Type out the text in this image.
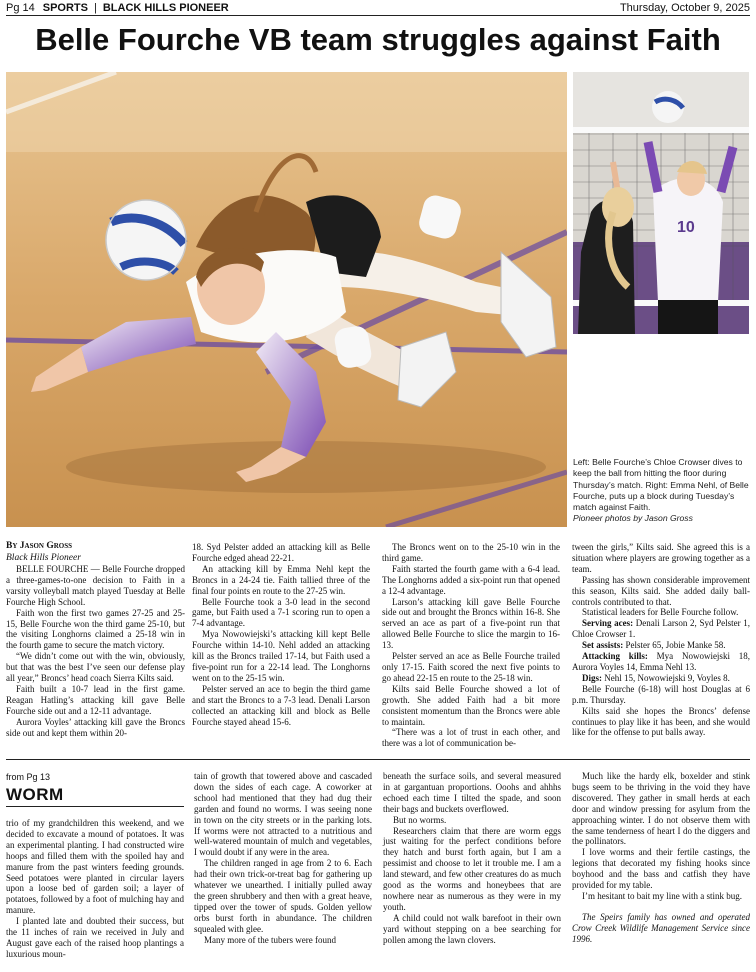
Pg 14 SPORTS | BLACK HILLS PIONEER	Thursday, October 9, 2025
Belle Fourche VB team struggles against Faith
10
Left: Belle Fourche’s Chloe Crowser dives to keep the ball from hitting the floor during Thursday’s match. Right: Emma Nehl, of Belle Fourche, puts up a block during Tuesday’s match against Faith.
Pioneer photos by Jason Gross
By Jason Gross
Black Hills Pioneer

BELLE FOURCHE — Belle Fourche dropped a three-games-to-one decision to Faith in a varsity volleyball match played Tuesday at Belle Fourche High School.

Faith won the first two games 27-25 and 25-15, Belle Fourche won the third game 25-10, but the visiting Longhorns claimed a 25-18 win in the fourth game to secure the match victory.

“We didn’t come out with the win, obviously, but that was the best I’ve seen our defense play all year,” Broncs’ head coach Sierra Kilts said.

Faith built a 10-7 lead in the first game. Reagan Hatling’s attacking kill gave Belle Fourche side out and a 12-11 advantage.

Aurora Voyles’ attacking kill gave the Broncs side out and kept them within 20-

18. Syd Pelster added an attacking kill as Belle Fourche edged ahead 22-21.

An attacking kill by Emma Nehl kept the Broncs in a 24-24 tie. Faith tallied three of the final four points en route to the 27-25 win.

Belle Fourche took a 3-0 lead in the second game, but Faith used a 7-1 scoring run to open a 7-4 advantage.

Mya Nowowiejski’s attacking kill kept Belle Fourche within 14-10. Nehl added an attacking kill as the Broncs trailed 17-14, but Faith used a five-point run for a 22-14 lead. The Longhorns went on to the 25-15 win.

Pelster served an ace to begin the third game and start the Broncs to a 7-3 lead. Denali Larson collected an attacking kill and block as Belle Fourche stayed ahead 15-6.

The Broncs went on to the 25-10 win in the third game.

Faith started the fourth game with a 6-4 lead. The Longhorns added a six-point run that opened a 12-4 advantage.

Larson’s attacking kill gave Belle Fourche side out and brought the Broncs within 16-8. She served an ace as part of a five-point run that allowed Belle Fourche to slice the margin to 16-13.

Pelster served an ace as Belle Fourche trailed only 17-15. Faith scored the next five points to go ahead 22-15 en route to the 25-18 win.

Kilts said Belle Fourche showed a lot of growth. She added Faith had a bit more consistent momentum than the Broncs were able to maintain.

“There was a lot of trust in each other, and there was a lot of communication be-

tween the girls,” Kilts said. She agreed this is a situation where players are growing together as a team.

Passing has shown considerable improvement this season, Kilts said. She added daily ball-controls contributed to that.

Statistical leaders for Belle Fourche follow.

Serving aces: Denali Larson 2, Syd Pelster 1, Chloe Crowser 1.

Set assists: Pelster 65, Jobie Manke 58.

Attacking kills: Mya Nowowiejski 18, Aurora Voyles 14, Emma Nehl 13.

Digs: Nehl 15, Nowowiejski 9, Voyles 8.

Belle Fourche (6-18) will host Douglas at 6 p.m. Thursday.

Kilts said she hopes the Broncs’ defense continues to play like it has been, and she would like for the offense to put balls away.

from Pg 13
WORM

trio of my grandchildren this weekend, and we decided to excavate a mound of potatoes. It was an experimental planting. I had constructed wire hoops and filled them with the spoiled hay and manure from the past winters feeding grounds. Seed potatoes were planted in circular layers upon a loose bed of garden soil; a layer of potatoes, followed by a foot of mulching hay and manure.

I planted late and doubted their success, but the 11 inches of rain we received in July and August gave each of the raised hoop plantings a luxurious moun-

tain of growth that towered above and cascaded down the sides of each cage. A coworker at school had mentioned that they had dug their garden and found no worms. I was seeing none in town on the city streets or in the parking lots. If worms were not attracted to a nutritious and well-watered mountain of mulch and vegetables, I would doubt if any were in the area.

The children ranged in age from 2 to 6. Each had their own trick-or-treat bag for gathering up whatever we unearthed. I initially pulled away the green shrubbery and then with a great heave, tipped over the tower of spuds. Golden yellow orbs burst forth in abundance. The children squealed with glee.

Many more of the tubers were found

beneath the surface soils, and several measured in at gargantuan proportions. Ooohs and ahhhs echoed each time I tilted the spade, and soon their bags and buckets overflowed.

But no worms.

Researchers claim that there are worm eggs just waiting for the perfect conditions before they hatch and burst forth again, but I am a pessimist and choose to let it trouble me. I am a land steward, and few other creatures do as much good as the worms and honeybees that are nowhere near as numerous as they were in my youth.

A child could not walk barefoot in their own yard without stepping on a bee searching for pollen among the lawn clovers.

Much like the hardy elk, boxelder and stink bugs seem to be thriving in the void they have discovered. They gather in small herds at each door and window pressing for asylum from the approaching winter. I do not observe them with the same tenderness of heart I do the diggers and the pollinators.

I love worms and their fertile castings, the legions that decorated my fishing hooks since boyhood and the bass and catfish they have provided for my table.

I’m hesitant to bait my line with a stink bug.

The Speirs family has owned and operated Crow Creek Wildlife Management Service since 1996.
